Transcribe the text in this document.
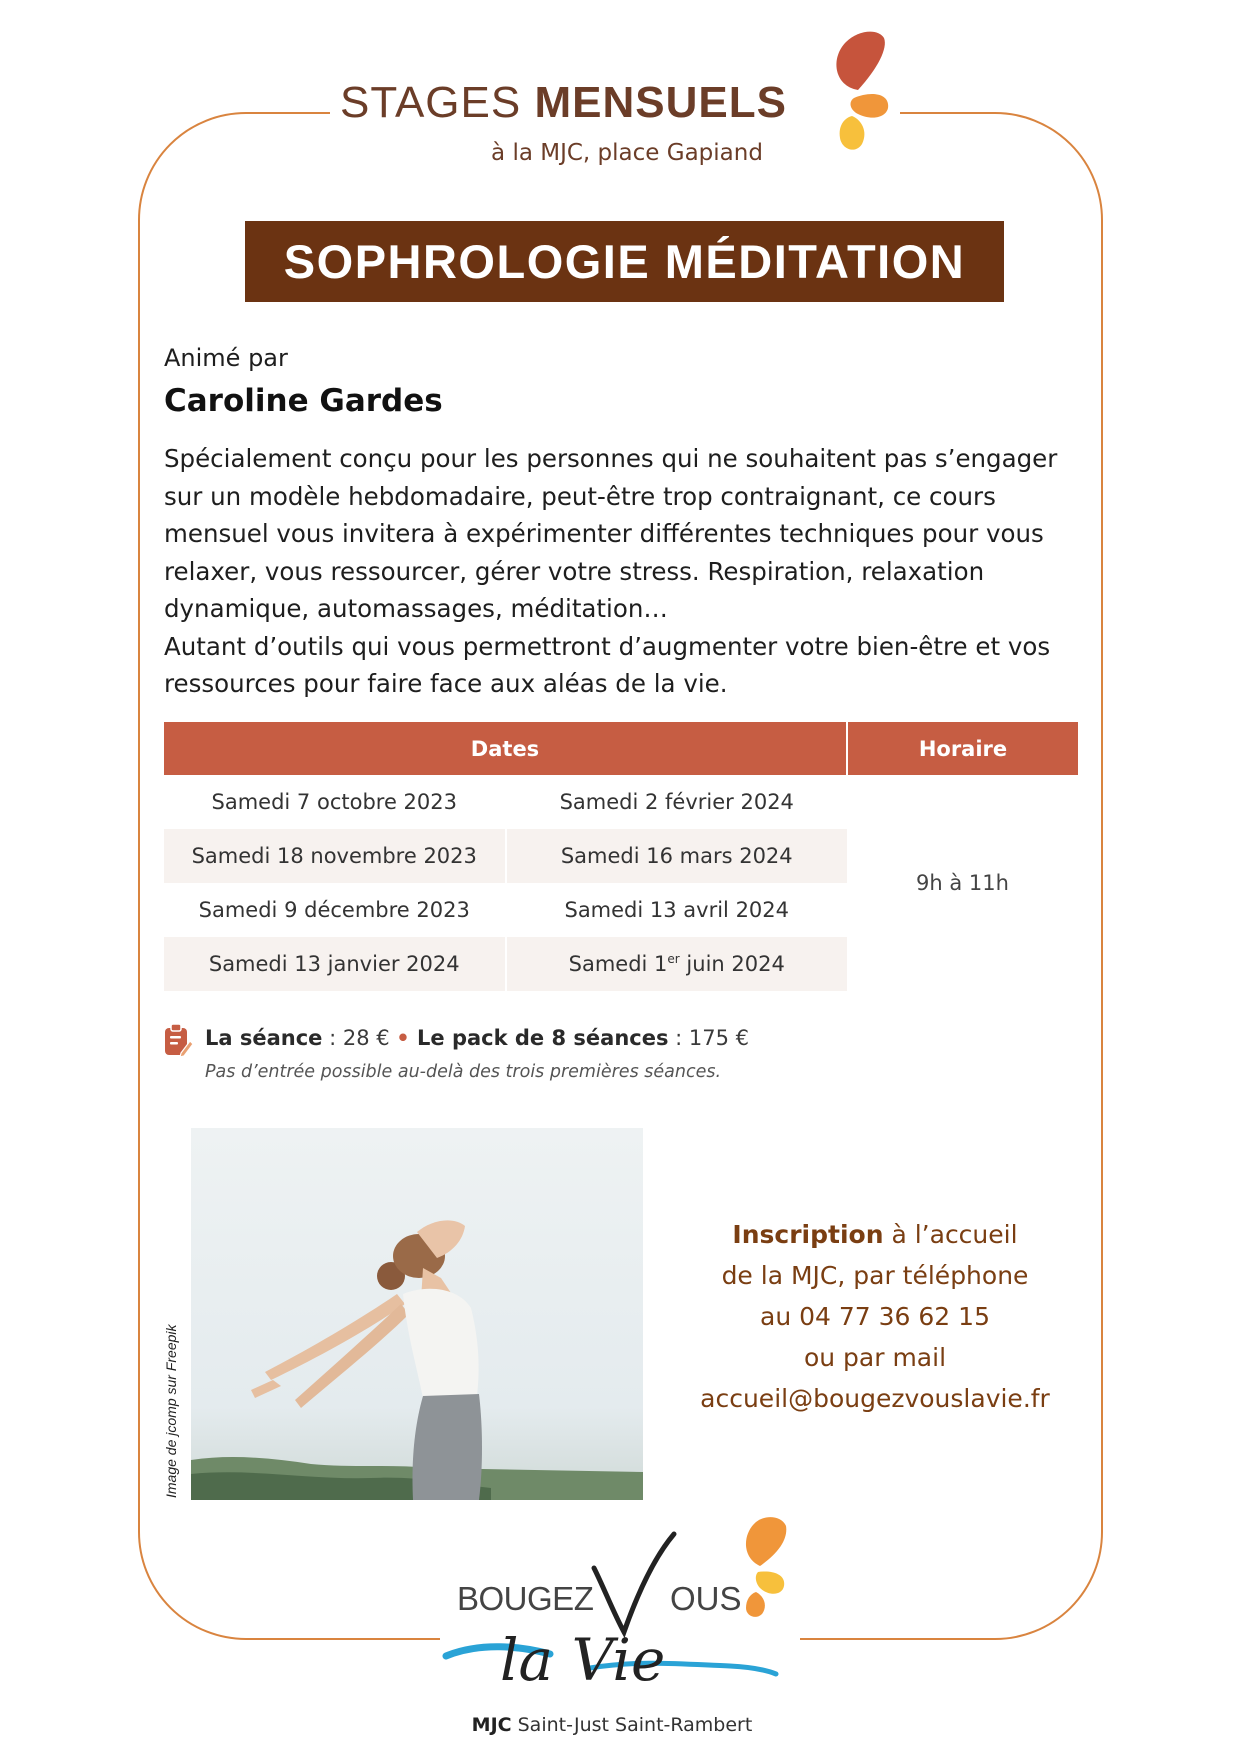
STAGES MENSUELS
à la MJC, place Gapiand
SOPHROLOGIE MÉDITATION
Animé par
Caroline Gardes

Spécialement conçu pour les personnes qui ne souhaitent pas s’engager sur un modèle hebdomadaire, peut-être trop contraignant, ce cours mensuel vous invitera à expérimenter différentes techniques pour vous relaxer, vous ressourcer, gérer votre stress. Respiration, relaxation dynamique, automassages, méditation…

Autant d’outils qui vous permettront d’augmenter votre bien-être et vos ressources pour faire face aux aléas de la vie.

Dates		Horaire
Samedi 7 octobre 2023	Samedi 2 février 2024	9h à 11h
Samedi 18 novembre 2023	Samedi 16 mars 2024	
Samedi 9 décembre 2023	Samedi 13 avril 2024	
Samedi 13 janvier 2024	Samedi 1er juin 2024	
La séance : 28 € • Le pack de 8 séances : 175 €
Pas d’entrée possible au-delà des trois premières séances.
Image de jcomp sur Freepik
Inscription à l’accueil
de la MJC, par téléphone
au 04 77 36 62 15
ou par mail
accueil@bougezvouslavie.fr
BOUGEZ OUS
la Vie
MJC Saint-Just Saint-Rambert
